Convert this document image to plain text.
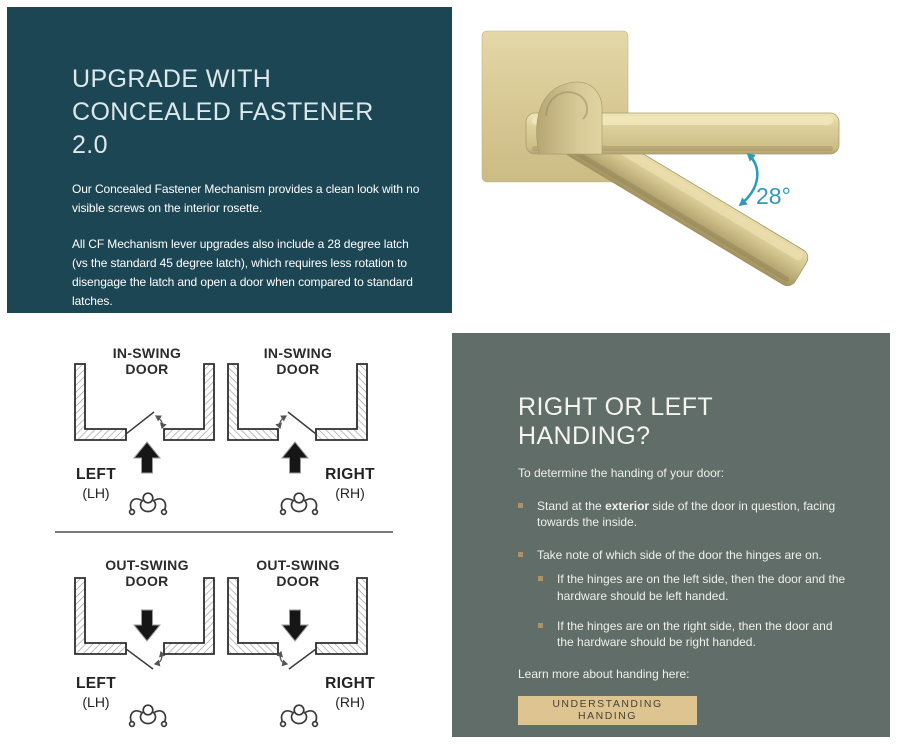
UPGRADE WITH CONCEALED FASTENER 2.0

Our Concealed Fastener Mechanism provides a clean look with no visible screws on the interior rosette.

All CF Mechanism lever upgrades also include a 28 degree latch (vs the standard 45 degree latch), which requires less rotation to disengage the latch and open a door when compared to standard latches.

28°
IN-SWING
DOOR
IN-SWING
DOOR
OUT-SWING
DOOR
OUT-SWING
DOOR
LEFT
(LH)
RIGHT
(RH)
LEFT
(LH)
RIGHT
(RH)
RIGHT OR LEFT HANDING?

To determine the handing of your door:

Stand at the exterior side of the door in question, facing towards the inside.

Take note of which side of the door the hinges are on.

If the hinges are on the left side, then the door and the hardware should be left handed.

If the hinges are on the right side, then the door and the hardware should be right handed.

Learn more about handing here:

UNDERSTANDING HANDING
